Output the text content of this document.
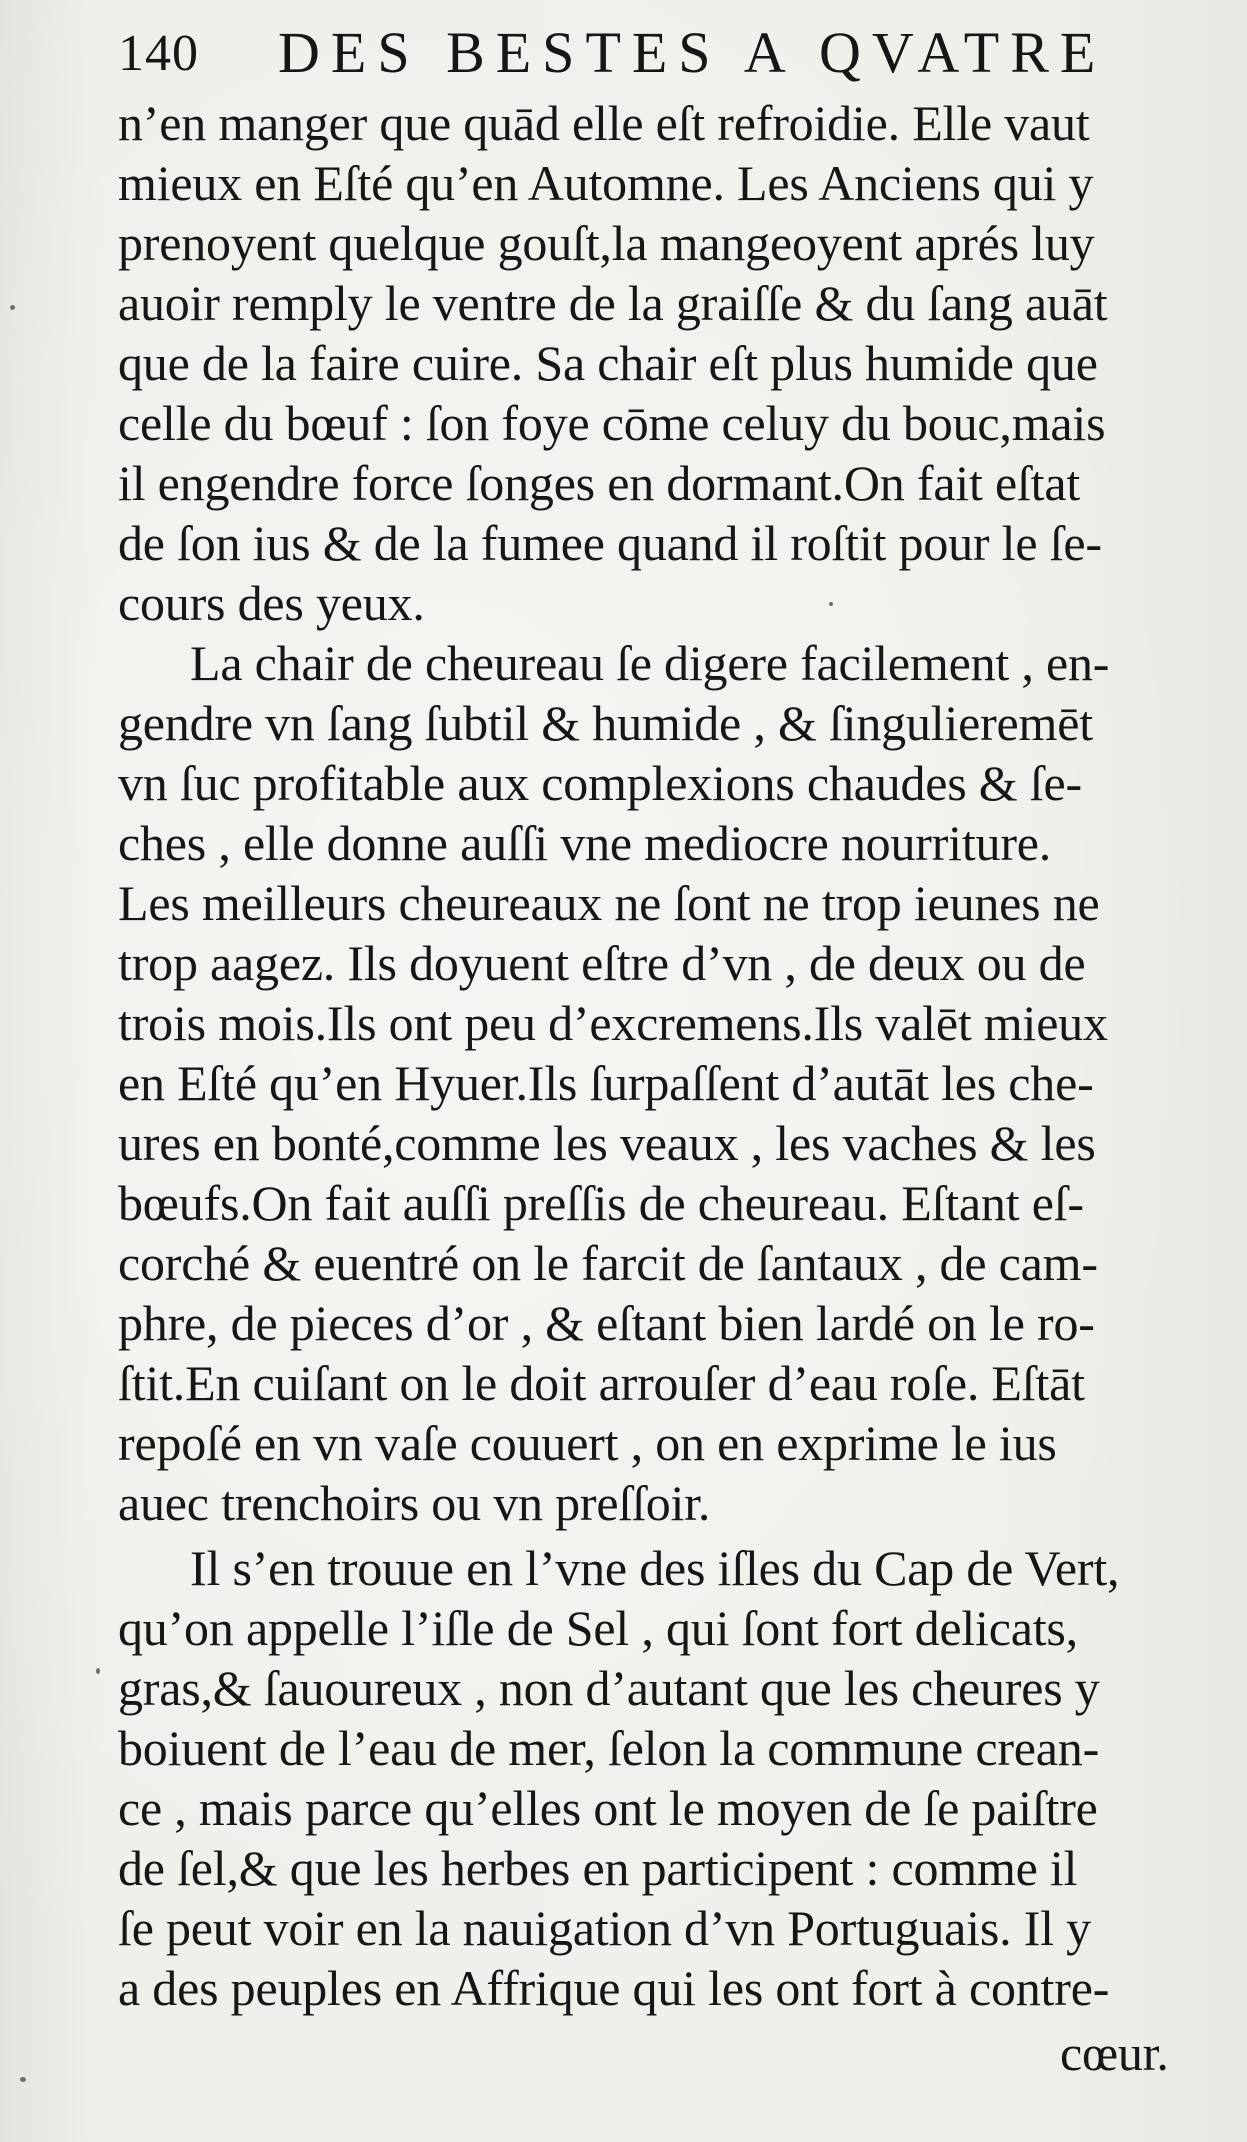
140 DES BESTES A QVATRE
n’en manger que quād elle eſt refroidie. Elle vaut
mieux en Eſté qu’en Automne. Les Anciens qui y
prenoyent quelque gouſt,la mangeoyent aprés luy
auoir remply le ventre de la graiſſe & du ſang auāt
que de la faire cuire. Sa chair eſt plus humide que
celle du bœuf : ſon foye cōme celuy du bouc,mais
il engendre force ſonges en dormant.On fait eſtat
de ſon ius & de la fumee quand il roſtit pour le ſe-
cours des yeux.
La chair de cheureau ſe digere facilement , en-
gendre vn ſang ſubtil & humide , & ſingulieremēt
vn ſuc profitable aux complexions chaudes & ſe-
ches , elle donne auſſi vne mediocre nourriture.
Les meilleurs cheureaux ne ſont ne trop ieunes ne
trop aagez. Ils doyuent eſtre d’vn , de deux ou de
trois mois.Ils ont peu d’excremens.Ils valēt mieux
en Eſté qu’en Hyuer.Ils ſurpaſſent d’autāt les che-
ures en bonté,comme les veaux , les vaches & les
bœufs.On fait auſſi preſſis de cheureau. Eſtant eſ-
corché & euentré on le farcit de ſantaux , de cam-
phre, de pieces d’or , & eſtant bien lardé on le ro-
ſtit.En cuiſant on le doit arrouſer d’eau roſe. Eſtāt
repoſé en vn vaſe couuert , on en exprime le ius
auec trenchoirs ou vn preſſoir.
Il s’en trouue en l’vne des iſles du Cap de Vert,
qu’on appelle l’iſle de Sel , qui ſont fort delicats,
gras,& ſauoureux , non d’autant que les cheures y
boiuent de l’eau de mer, ſelon la commune crean-
ce , mais parce qu’elles ont le moyen de ſe paiſtre
de ſel,& que les herbes en participent : comme il
ſe peut voir en la nauigation d’vn Portuguais. Il y
a des peuples en Affrique qui les ont fort à contre-
cœur.
